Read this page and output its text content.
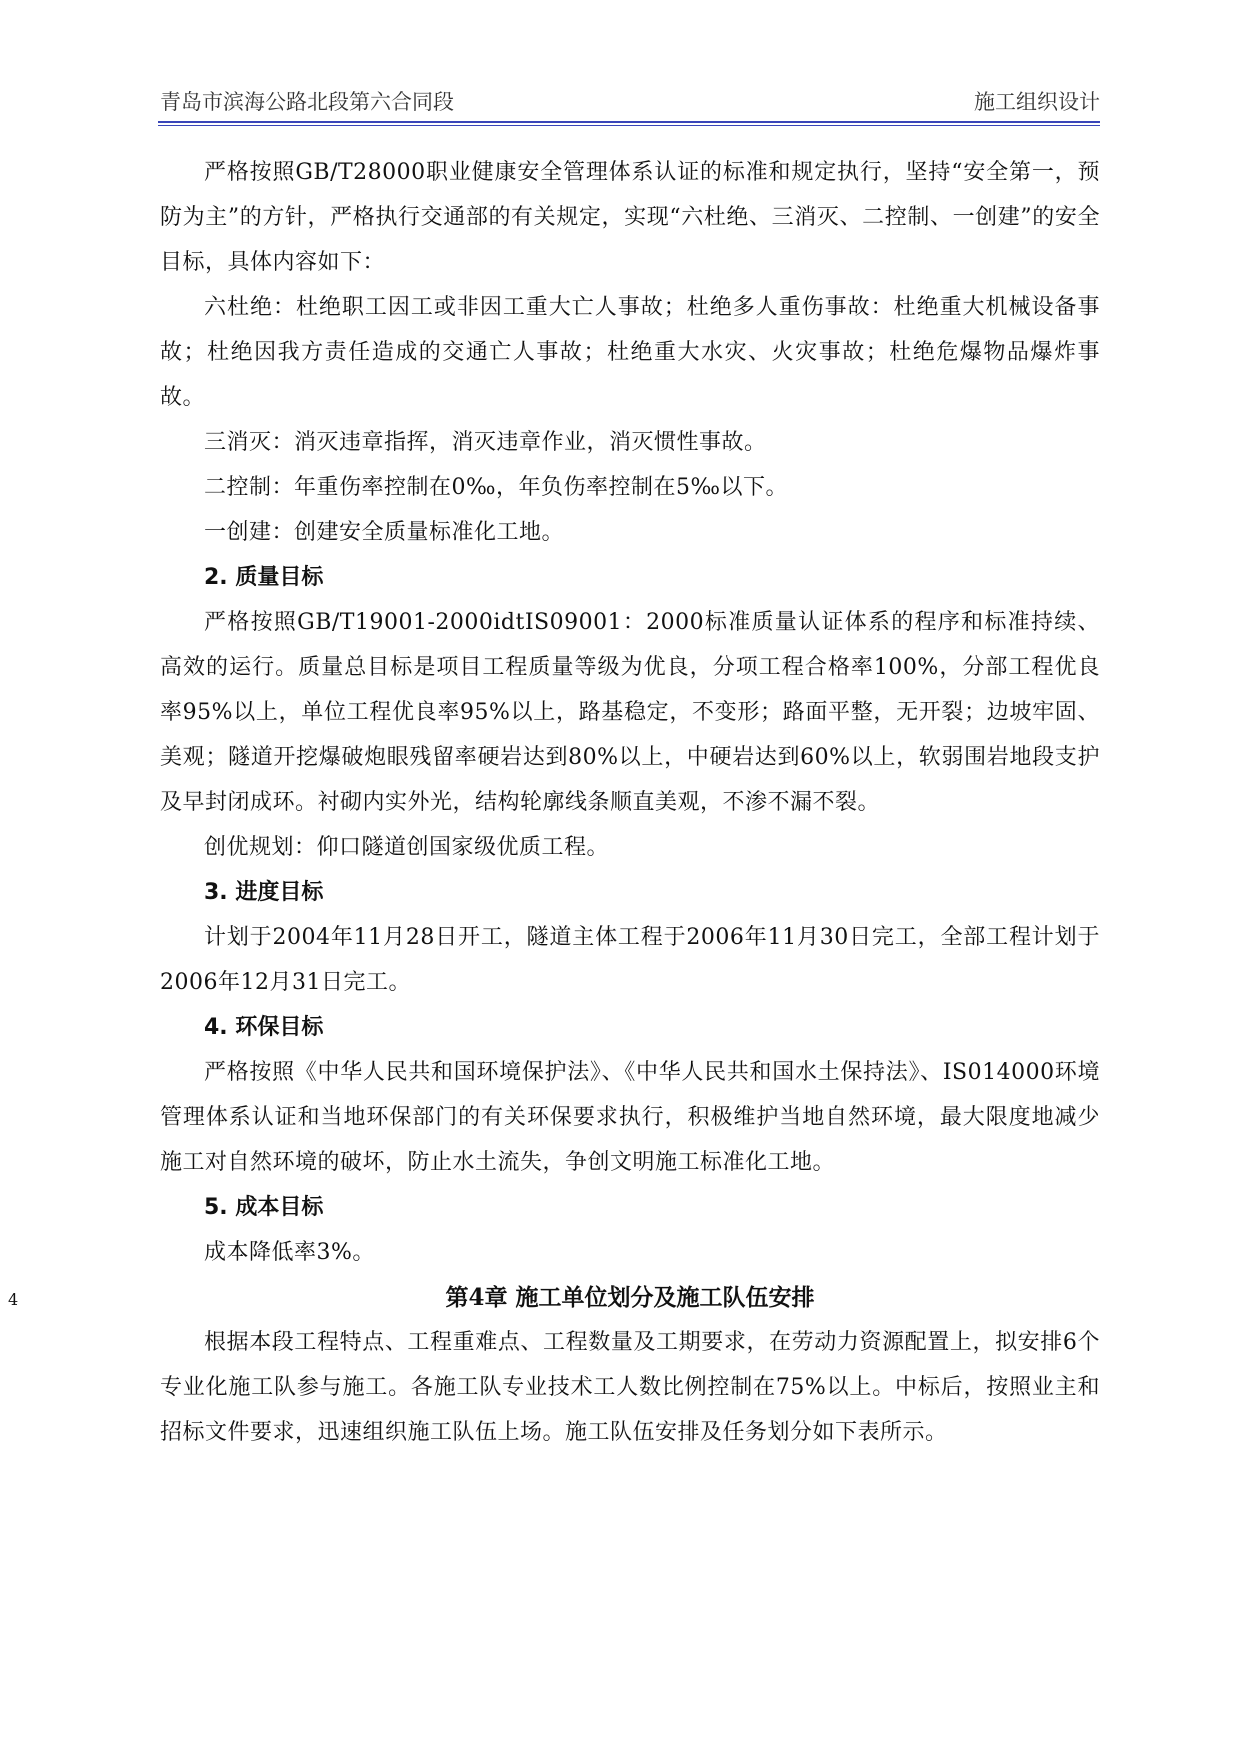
青岛市滨海公路北段第六合同段	施工组织设计

严格按照GB/T28000职业健康安全管理体系认证的标准和规定执行，坚持“安全第一，预防为主”的方针，严格执行交通部的有关规定，实现“六杜绝、三消灭、二控制、一创建”的安全目标，具体内容如下：

六杜绝：杜绝职工因工或非因工重大亡人事故；杜绝多人重伤事故：杜绝重大机械设备事故；杜绝因我方责任造成的交通亡人事故；杜绝重大水灾、火灾事故；杜绝危爆物品爆炸事故。

三消灭：消灭违章指挥，消灭违章作业，消灭惯性事故。

二控制：年重伤率控制在0‰，年负伤率控制在5‰以下。

一创建：创建安全质量标准化工地。

2. 质量目标

严格按照GB/T19001-2000idtIS09001：2000标准质量认证体系的程序和标准持续、高效的运行。质量总目标是项目工程质量等级为优良，分项工程合格率100%，分部工程优良率95%以上，单位工程优良率95%以上，路基稳定，不变形；路面平整，无开裂；边坡牢固、美观；隧道开挖爆破炮眼残留率硬岩达到80%以上，中硬岩达到60%以上，软弱围岩地段支护及早封闭成环。衬砌内实外光，结构轮廓线条顺直美观，不渗不漏不裂。

创优规划：仰口隧道创国家级优质工程。

3. 进度目标

计划于2004年11月28日开工，隧道主体工程于2006年11月30日完工，全部工程计划于2006年12月31日完工。

4. 环保目标

严格按照《中华人民共和国环境保护法》、《中华人民共和国水土保持法》、IS014000环境管理体系认证和当地环保部门的有关环保要求执行，积极维护当地自然环境，最大限度地减少施工对自然环境的破坏，防止水土流失，争创文明施工标准化工地。

5. 成本目标

成本降低率3%。

第4章 施工单位划分及施工队伍安排

根据本段工程特点、工程重难点、工程数量及工期要求，在劳动力资源配置上，拟安排6个专业化施工队参与施工。各施工队专业技术工人数比例控制在75%以上。中标后，按照业主和招标文件要求，迅速组织施工队伍上场。施工队伍安排及任务划分如下表所示。

4
